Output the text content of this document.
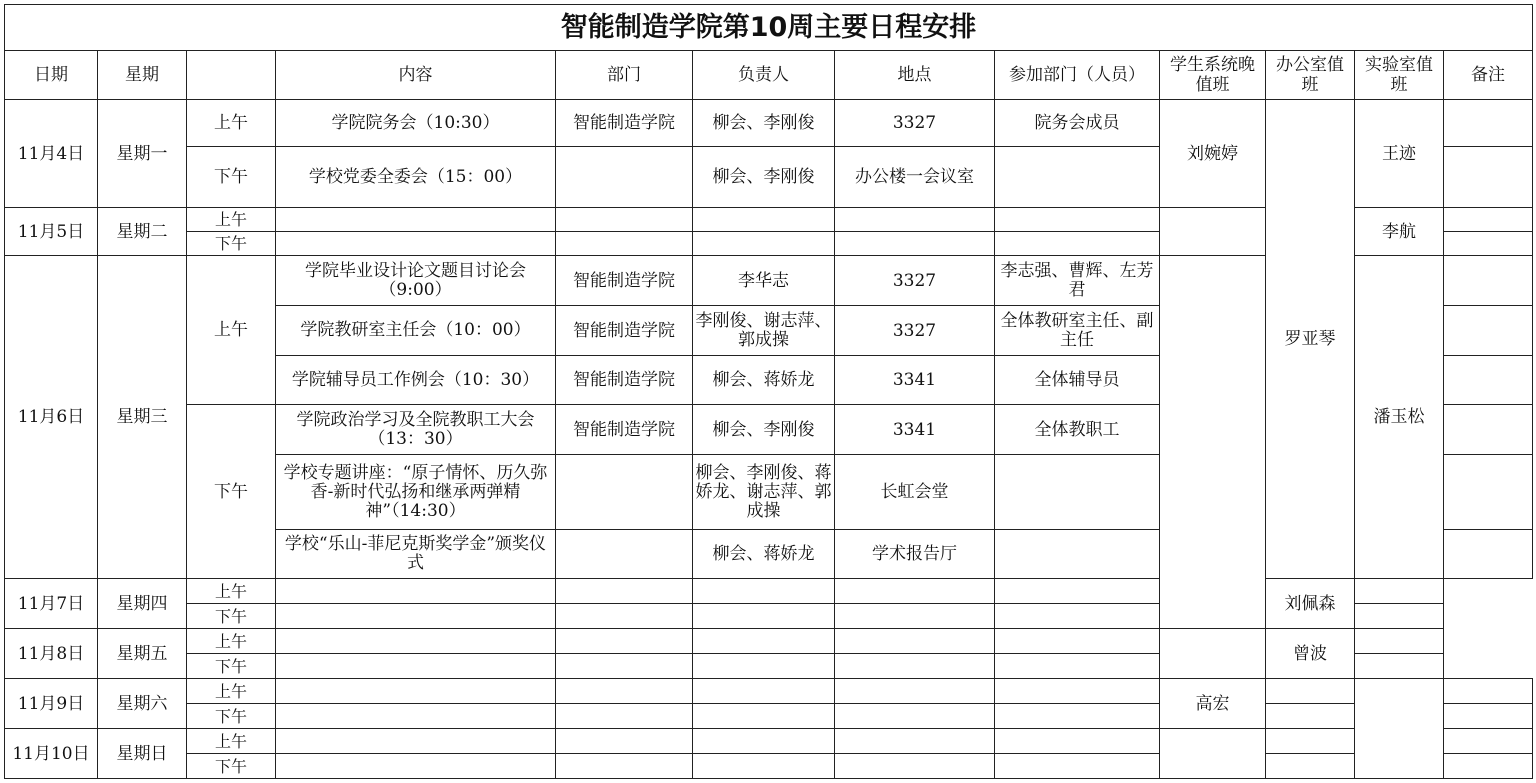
智能制造学院第10周主要日程安排											
日期	星期		内容	部门	负责人	地点	参加部门（人员）	学生系统晚值班	办公室值班	实验室值班	备注
11月4日	星期一	上午	学院院务会（10:30）	智能制造学院	柳会、李刚俊	3327	院务会成员	刘婉婷	罗亚琴	王迹	
		下午	学校党委全委会（15：00）		柳会、李刚俊	办公楼一会议室					
11月5日	星期二	上午								李航	
		下午									
11月6日	星期三	上午	学院毕业设计论文题目讨论会（9:00）	智能制造学院	李华志	3327	李志强、曹辉、左芳君			潘玉松	
			学院教研室主任会（10：00）	智能制造学院	李刚俊、谢志萍、郭成操	3327	全体教研室主任、副主任				
			学院辅导员工作例会（10：30）	智能制造学院	柳会、蒋娇龙	3341	全体辅导员				
		下午	学院政治学习及全院教职工大会（13：30）	智能制造学院	柳会、李刚俊	3341	全体教职工				
			学校专题讲座：“原子情怀、历久弥香-新时代弘扬和继承两弹精神”（14:30）		柳会、李刚俊、蒋娇龙、谢志萍、郭成操	长虹会堂					
			学校“乐山-菲尼克斯奖学金”颁奖仪式		柳会、蒋娇龙	学术报告厅					
11月7日	星期四	上午							刘佩森		
		下午									
11月8日	星期五	上午							曾波		
		下午									
11月9日	星期六	上午						高宏			
		下午									
11月10日	星期日	上午									
		下午									
